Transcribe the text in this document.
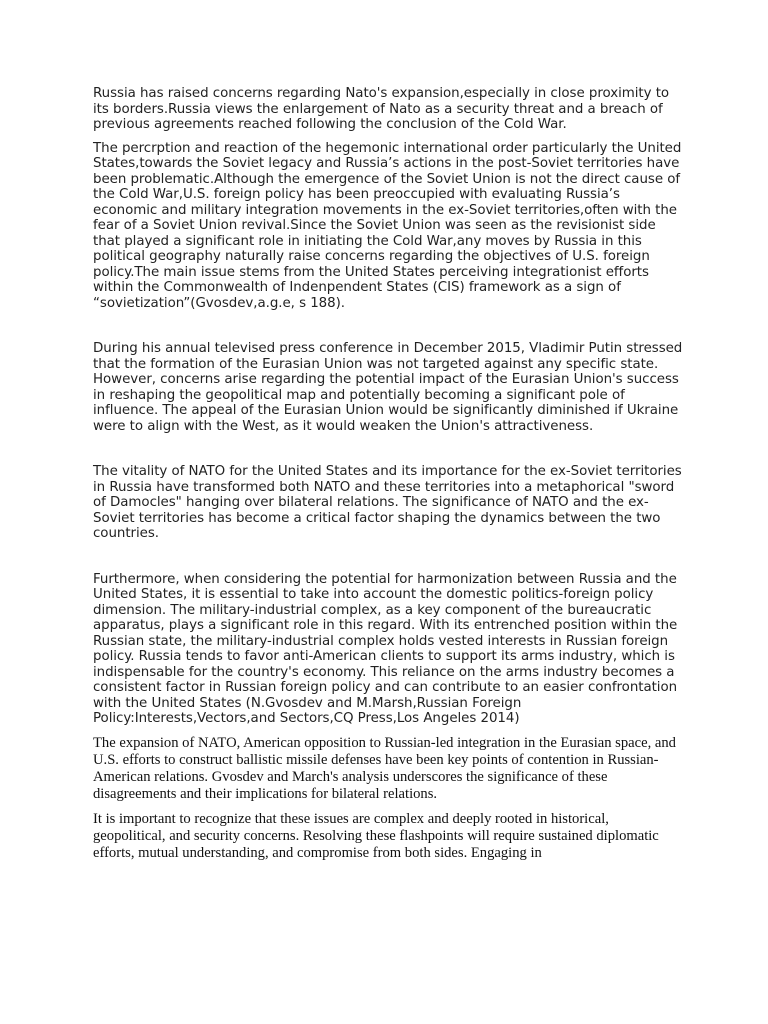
Russia has raised concerns regarding Nato's expansion,especially in close proximity to its borders.Russia views the enlargement of Nato as a security threat and a breach of previous agreements reached following the conclusion of the Cold War.

The percrption and reaction of the hegemonic international order particularly the United States,towards the Soviet legacy and Russia’s actions in the post-Soviet territories have been problematic.Although the emergence of the Soviet Union is not the direct cause of the Cold War,U.S. foreign policy has been preoccupied with evaluating Russia’s economic and military integration movements in the ex-Soviet territories,often with the fear of a Soviet Union revival.Since the Soviet Union was seen as the revisionist side that played a significant role in initiating the Cold War,any moves by Russia in this political geography naturally raise concerns regarding the objectives of U.S. foreign policy.The main issue stems from the United States perceiving integrationist efforts within the Commonwealth of Indenpendent States (CIS) framework as a sign of “sovietization”(Gvosdev,a.g.e, s 188).

During his annual televised press conference in December 2015, Vladimir Putin stressed that the formation of the Eurasian Union was not targeted against any specific state. However, concerns arise regarding the potential impact of the Eurasian Union's success in reshaping the geopolitical map and potentially becoming a significant pole of influence. The appeal of the Eurasian Union would be significantly diminished if Ukraine were to align with the West, as it would weaken the Union's attractiveness.

The vitality of NATO for the United States and its importance for the ex-Soviet territories in Russia have transformed both NATO and these territories into a metaphorical "sword of Damocles" hanging over bilateral relations. The significance of NATO and the ex-Soviet territories has become a critical factor shaping the dynamics between the two countries.

Furthermore, when considering the potential for harmonization between Russia and the United States, it is essential to take into account the domestic politics-foreign policy dimension. The military-industrial complex, as a key component of the bureaucratic apparatus, plays a significant role in this regard. With its entrenched position within the Russian state, the military-industrial complex holds vested interests in Russian foreign policy. Russia tends to favor anti-American clients to support its arms industry, which is indispensable for the country's economy. This reliance on the arms industry becomes a consistent factor in Russian foreign policy and can contribute to an easier confrontation with the United States (N.Gvosdev and M.Marsh,Russian Foreign Policy:Interests,Vectors,and Sectors,CQ Press,Los Angeles 2014)

The expansion of NATO, American opposition to Russian-led integration in the Eurasian space, and U.S. efforts to construct ballistic missile defenses have been key points of contention in Russian-American relations. Gvosdev and March's analysis underscores the significance of these disagreements and their implications for bilateral relations.

It is important to recognize that these issues are complex and deeply rooted in historical, geopolitical, and security concerns. Resolving these flashpoints will require sustained diplomatic efforts, mutual understanding, and compromise from both sides. Engaging in
